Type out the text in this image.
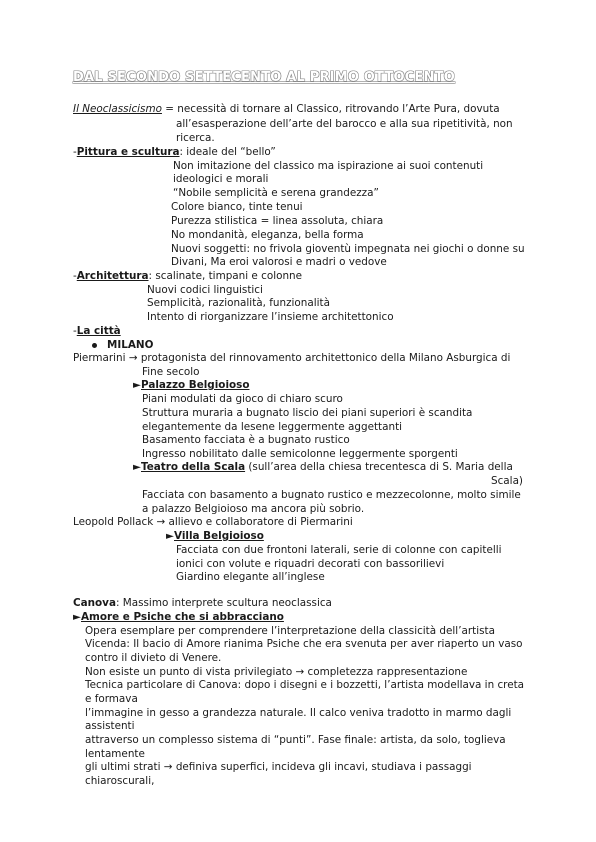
DAL SECONDO SETTECENTO AL PRIMO OTTOCENTO
Il Neoclassicismo = necessità di tornare al Classico, ritrovando l’Arte Pura, dovuta
all’esasperazione dell’arte del barocco e alla sua ripetitività, non
ricerca.
-Pittura e scultura: ideale del “bello”
Non imitazione del classico ma ispirazione ai suoi contenuti
ideologici e morali
“Nobile semplicità e serena grandezza”
Colore bianco, tinte tenui
Purezza stilistica = linea assoluta, chiara
No mondanità, eleganza, bella forma
Nuovi soggetti: no frivola gioventù impegnata nei giochi o donne su
Divani, Ma eroi valorosi e madri o vedove
-Architettura: scalinate, timpani e colonne
Nuovi codici linguistici
Semplicità, razionalità, funzionalità
Intento di riorganizzare l’insieme architettonico
-La città
MILANO
Piermarini → protagonista del rinnovamento architettonico della Milano Asburgica di
Fine secolo
►Palazzo Belgioioso
Piani modulati da gioco di chiaro scuro
Struttura muraria a bugnato liscio dei piani superiori è scandita
elegantemente da lesene leggermente aggettanti
Basamento facciata è a bugnato rustico
Ingresso nobilitato dalle semicolonne leggermente sporgenti
►Teatro della Scala (sull’area della chiesa trecentesca di S. Maria della
Scala)
Facciata con basamento a bugnato rustico e mezzecolonne, molto simile
a palazzo Belgioioso ma ancora più sobrio.
Leopold Pollack → allievo e collaboratore di Piermarini
►Villa Belgioioso
Facciata con due frontoni laterali, serie di colonne con capitelli
ionici con volute e riquadri decorati con bassorilievi
Giardino elegante all’inglese
Canova: Massimo interprete scultura neoclassica
►Amore e Psiche che si abbracciano
Opera esemplare per comprendere l’interpretazione della classicità dell’artista
Vicenda: Il bacio di Amore rianima Psiche che era svenuta per aver riaperto un vaso
contro il divieto di Venere.
Non esiste un punto di vista privilegiato → completezza rappresentazione
Tecnica particolare di Canova: dopo i disegni e i bozzetti, l’artista modellava in creta
e formava
l’immagine in gesso a grandezza naturale. Il calco veniva tradotto in marmo dagli
assistenti
attraverso un complesso sistema di “punti”. Fase finale: artista, da solo, toglieva
lentamente
gli ultimi strati → definiva superfici, incideva gli incavi, studiava i passaggi
chiaroscurali,
